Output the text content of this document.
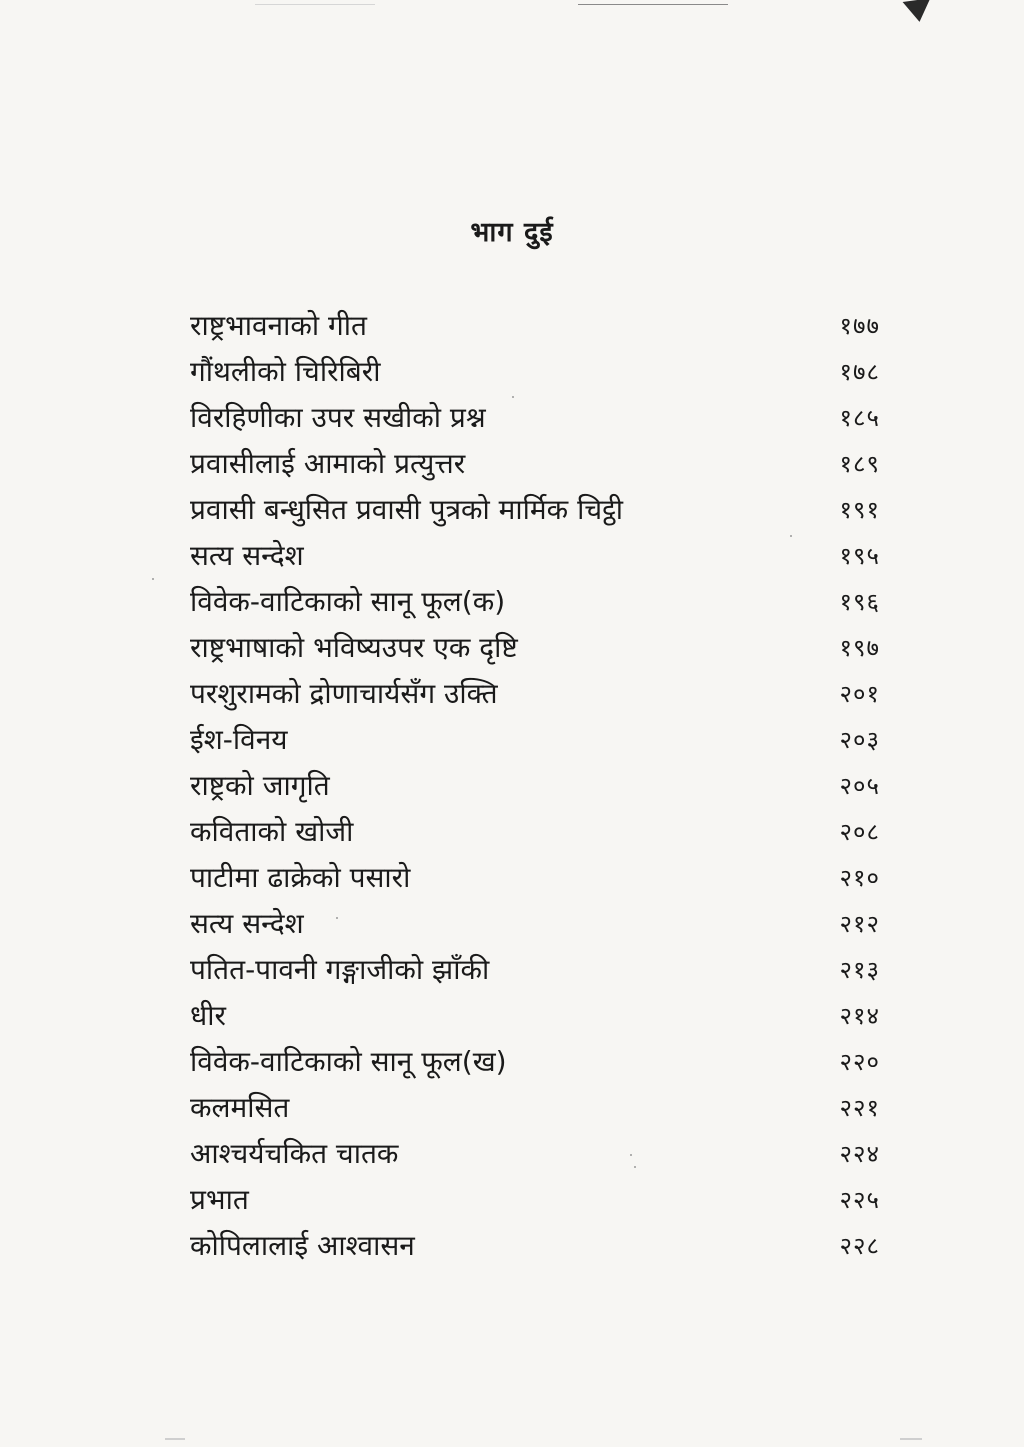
भाग दुई
राष्ट्रभावनाको गीत	१७७
गौंथलीको चिरिबिरी	१७८
विरहिणीका उपर सखीको प्रश्न	१८५
प्रवासीलाई आमाको प्रत्युत्तर	१८९
प्रवासी बन्धुसित प्रवासी पुत्रको मार्मिक चिट्ठी	१९१
सत्य सन्देश	१९५
विवेक-वाटिकाको सानू फूल(क)	१९६
राष्ट्रभाषाको भविष्यउपर एक दृष्टि	१९७
परशुरामको द्रोणाचार्यसँग उक्ति	२०१
ईश-विनय	२०३
राष्ट्रको जागृति	२०५
कविताको खोजी	२०८
पाटीमा ढाक्रेको पसारो	२१०
सत्य सन्देश	२१२
पतित-पावनी गङ्गाजीको झाँकी	२१३
धीर	२१४
विवेक-वाटिकाको सानू फूल(ख)	२२०
कलमसित	२२१
आश्चर्यचकित चातक	२२४
प्रभात	२२५
कोपिलालाई आश्वासन	२२८
